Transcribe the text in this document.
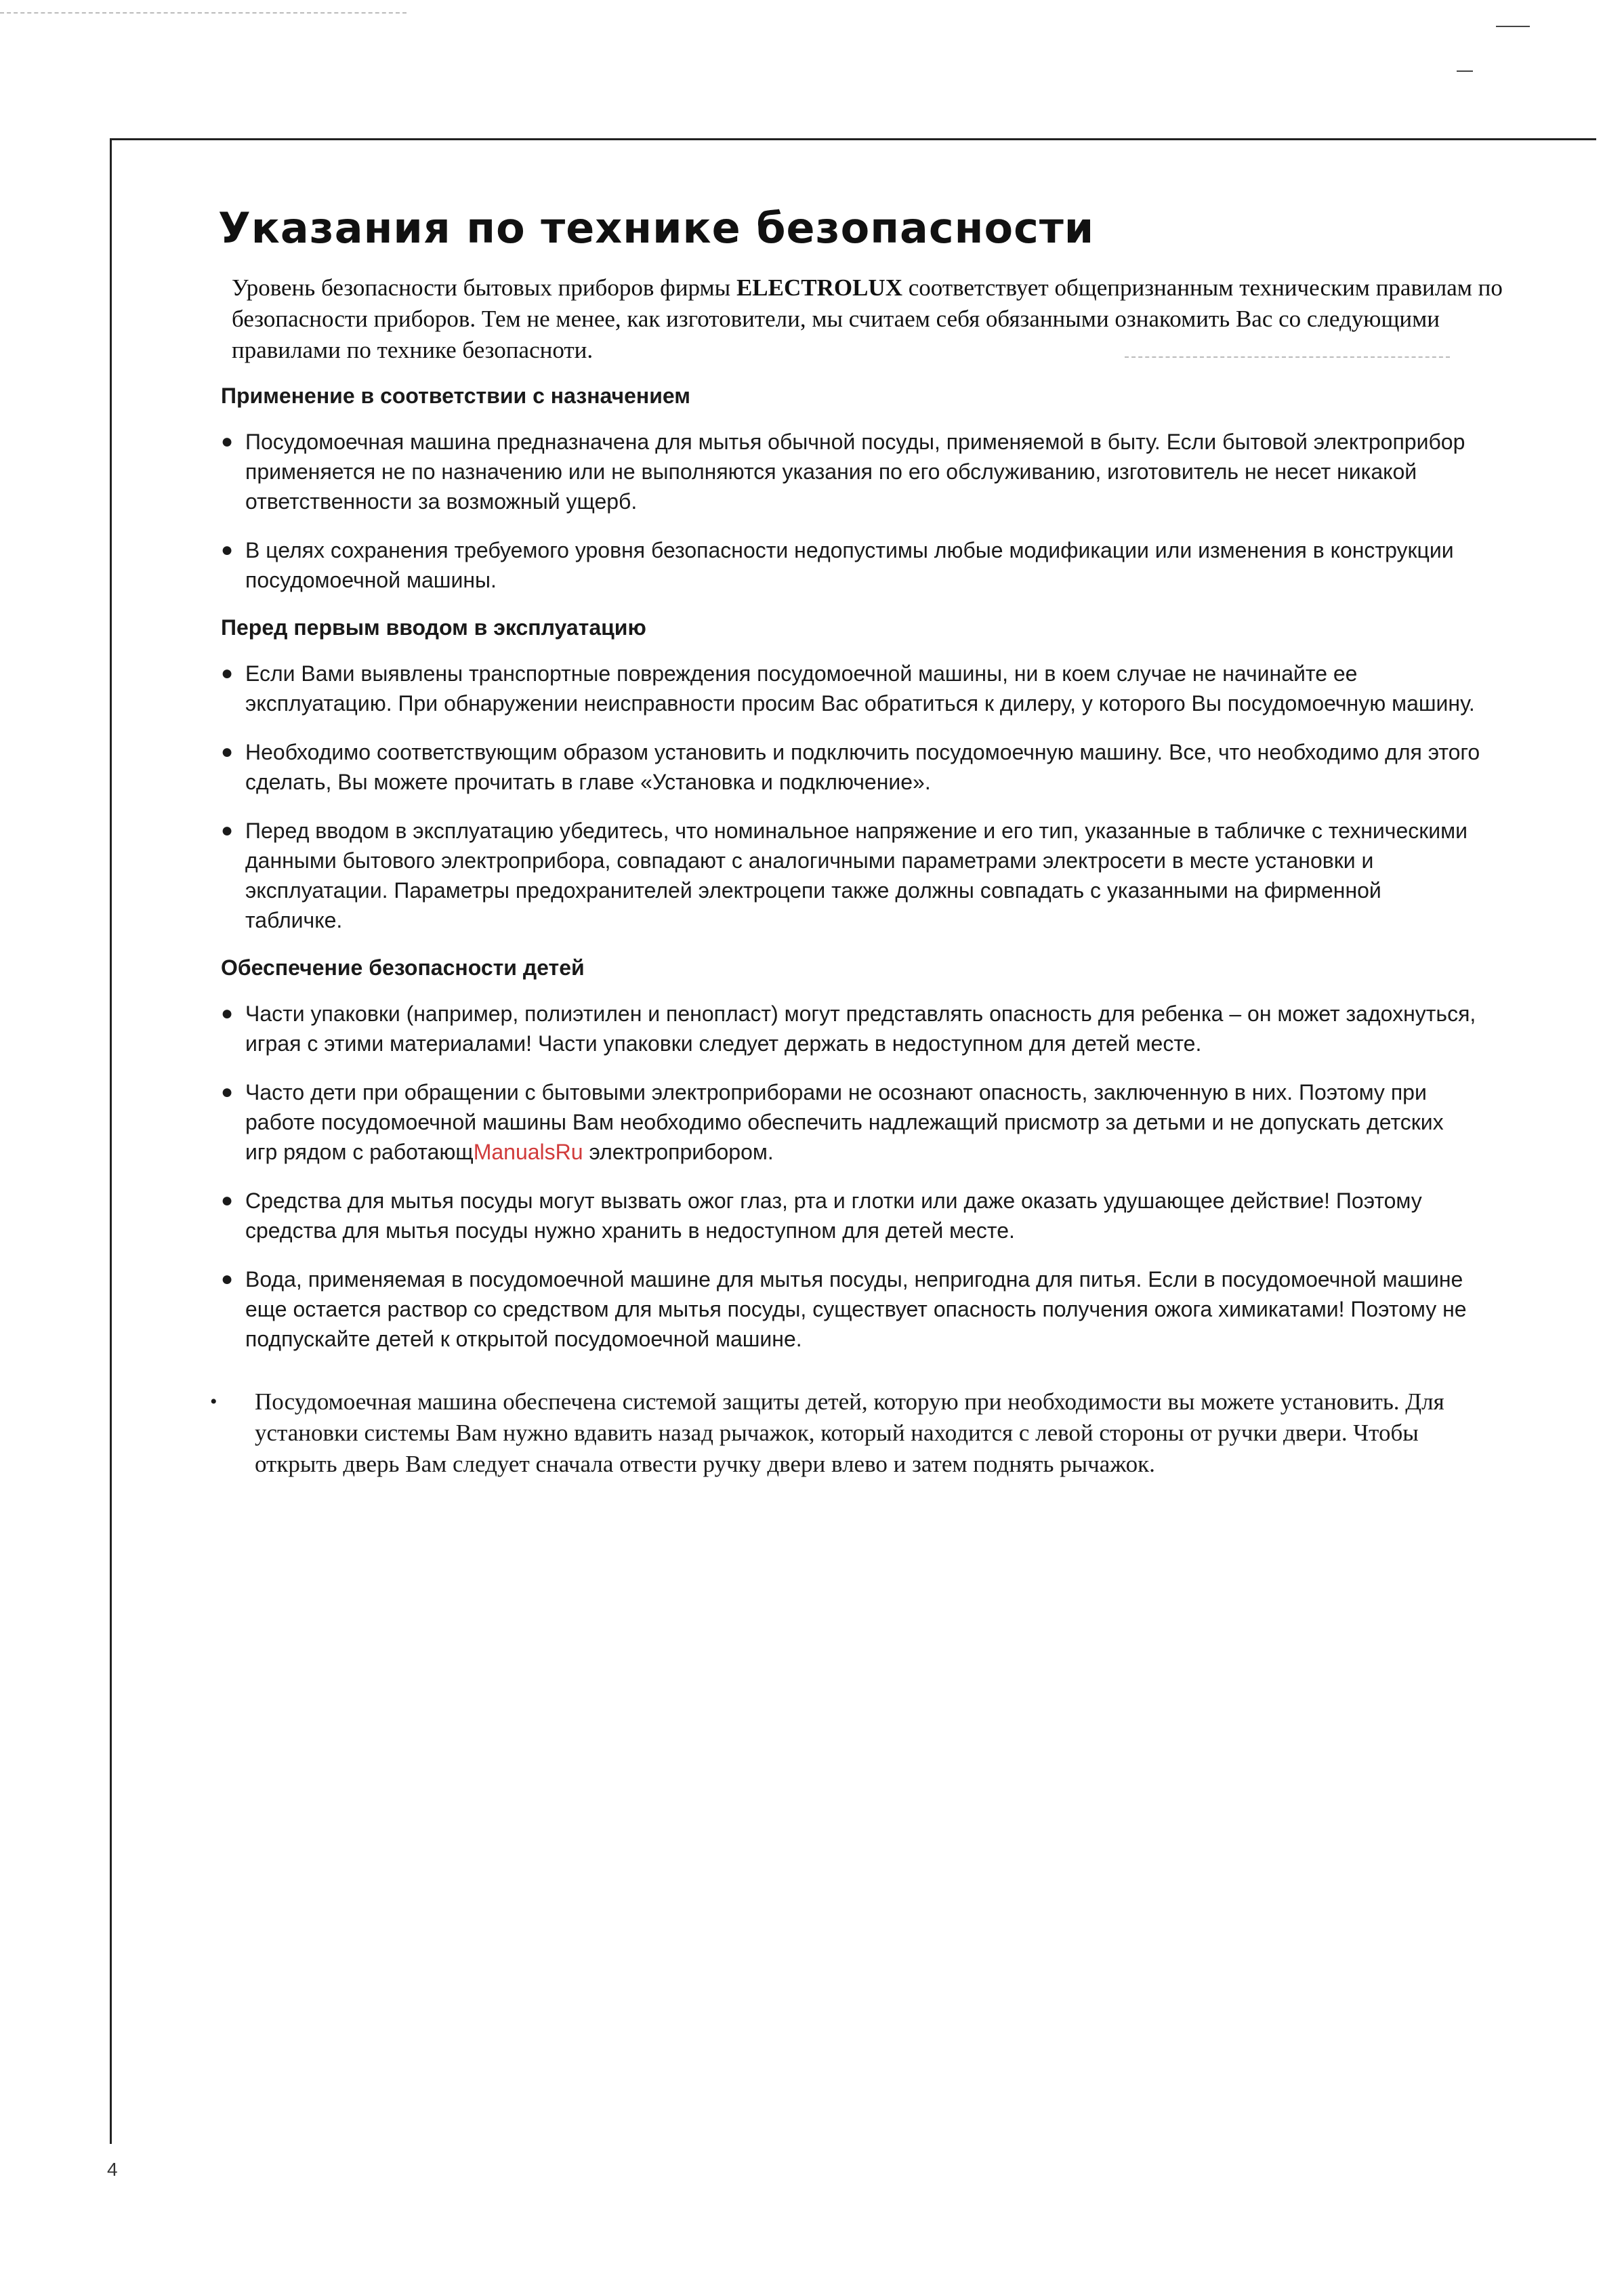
Указания по технике безопасности

Уровень безопасности бытовых приборов фирмы ELECTROLUX соответствует общепризнанным техническим правилам по безопасности приборов. Тем не менее, как изготовители, мы считаем себя обязанными ознакомить Вас со следующими правилами по технике безопасноти.

Применение в соответствии с назначением
● Посудомоечная машина предназначена для мытья обычной посуды, применяемой в быту. Если бытовой электроприбор применяется не по назначению или не выполняются указания по его обслуживанию, изготовитель не несет никакой ответственности за возможный ущерб.
● В целях сохранения требуемого уровня безопасности недопустимы любые модификации или изменения в конструкции посудомоечной машины.
Перед первым вводом в эксплуатацию
● Если Вами выявлены транспортные повреждения посудомоечной машины, ни в коем случае не начинайте ее эксплуатацию. При обнаружении неисправности просим Вас обратиться к дилеру, у которого Вы посудомоечную машину.
● Необходимо соответствующим образом установить и подключить посудомоечную машину. Все, что необходимо для этого сделать, Вы можете прочитать в главе «Установка и подключение».
● Перед вводом в эксплуатацию убедитесь, что номинальное напряжение и его тип, указанные в табличке с техническими данными бытового электроприбора, совпадают с аналогичными параметрами электросети в месте установки и эксплуатации. Параметры предохранителей электроцепи также должны совпадать с указанными на фирменной табличке.
Обеспечение безопасности детей
● Части упаковки (например, полиэтилен и пенопласт) могут представлять опасность для ребенка – он может задохнуться, играя с этими материалами! Части упаковки следует держать в недоступном для детей месте.
● Часто дети при обращении с бытовыми электроприборами не осознают опасность, заключенную в них. Поэтому при работе посудомоечной машины Вам необходимо обеспечить надлежащий присмотр за детьми и не допускать детских игр рядом с работающManualsRu электроприбором.
● Средства для мытья посуды могут вызвать ожог глаз, рта и глотки или даже оказать удушающее действие! Поэтому средства для мытья посуды нужно хранить в недоступном для детей месте.
● Вода, применяемая в посудомоечной машине для мытья посуды, непригодна для питья. Если в посудомоечной машине еще остается раствор со средством для мытья посуды, существует опасность получения ожога химикатами! Поэтому не подпускайте детей к открытой посудомоечной машине.

• Посудомоечная машина обеспечена системой защиты детей, которую при необходимости вы можете установить. Для установки системы Вам нужно вдавить назад рычажок, который находится с левой стороны от ручки двери. Чтобы открыть дверь Вам следует сначала отвести ручку двери влево и затем поднять рычажок.

4
